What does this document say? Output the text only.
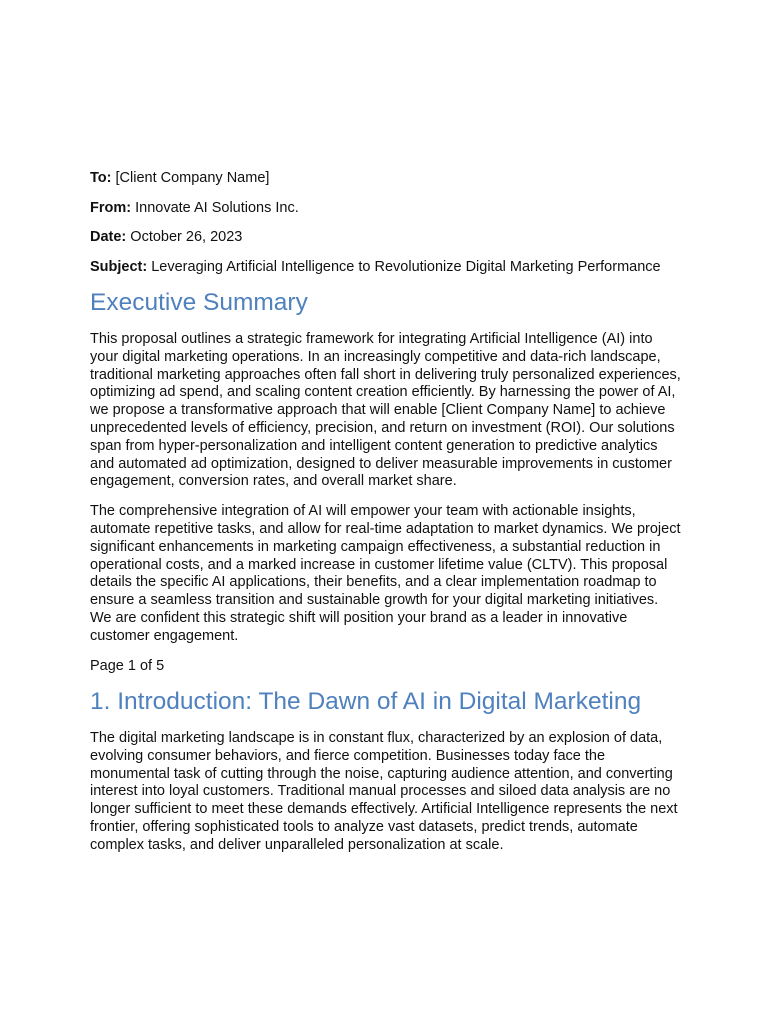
To: [Client Company Name]
From: Innovate AI Solutions Inc.
Date: October 26, 2023
Subject: Leveraging Artificial Intelligence to Revolutionize Digital Marketing Performance
Executive Summary

This proposal outlines a strategic framework for integrating Artificial Intelligence (AI) into your digital marketing operations. In an increasingly competitive and data-rich landscape, traditional marketing approaches often fall short in delivering truly personalized experiences, optimizing ad spend, and scaling content creation efficiently. By harnessing the power of AI, we propose a transformative approach that will enable [Client Company Name] to achieve unprecedented levels of efficiency, precision, and return on investment (ROI). Our solutions span from hyper-personalization and intelligent content generation to predictive analytics and automated ad optimization, designed to deliver measurable improvements in customer engagement, conversion rates, and overall market share.

The comprehensive integration of AI will empower your team with actionable insights, automate repetitive tasks, and allow for real-time adaptation to market dynamics. We project significant enhancements in marketing campaign effectiveness, a substantial reduction in operational costs, and a marked increase in customer lifetime value (CLTV). This proposal details the specific AI applications, their benefits, and a clear implementation roadmap to ensure a seamless transition and sustainable growth for your digital marketing initiatives. We are confident this strategic shift will position your brand as a leader in innovative customer engagement.

Page 1 of 5
1. Introduction: The Dawn of AI in Digital Marketing

The digital marketing landscape is in constant flux, characterized by an explosion of data, evolving consumer behaviors, and fierce competition. Businesses today face the monumental task of cutting through the noise, capturing audience attention, and converting interest into loyal customers. Traditional manual processes and siloed data analysis are no longer sufficient to meet these demands effectively. Artificial Intelligence represents the next frontier, offering sophisticated tools to analyze vast datasets, predict trends, automate complex tasks, and deliver unparalleled personalization at scale.
